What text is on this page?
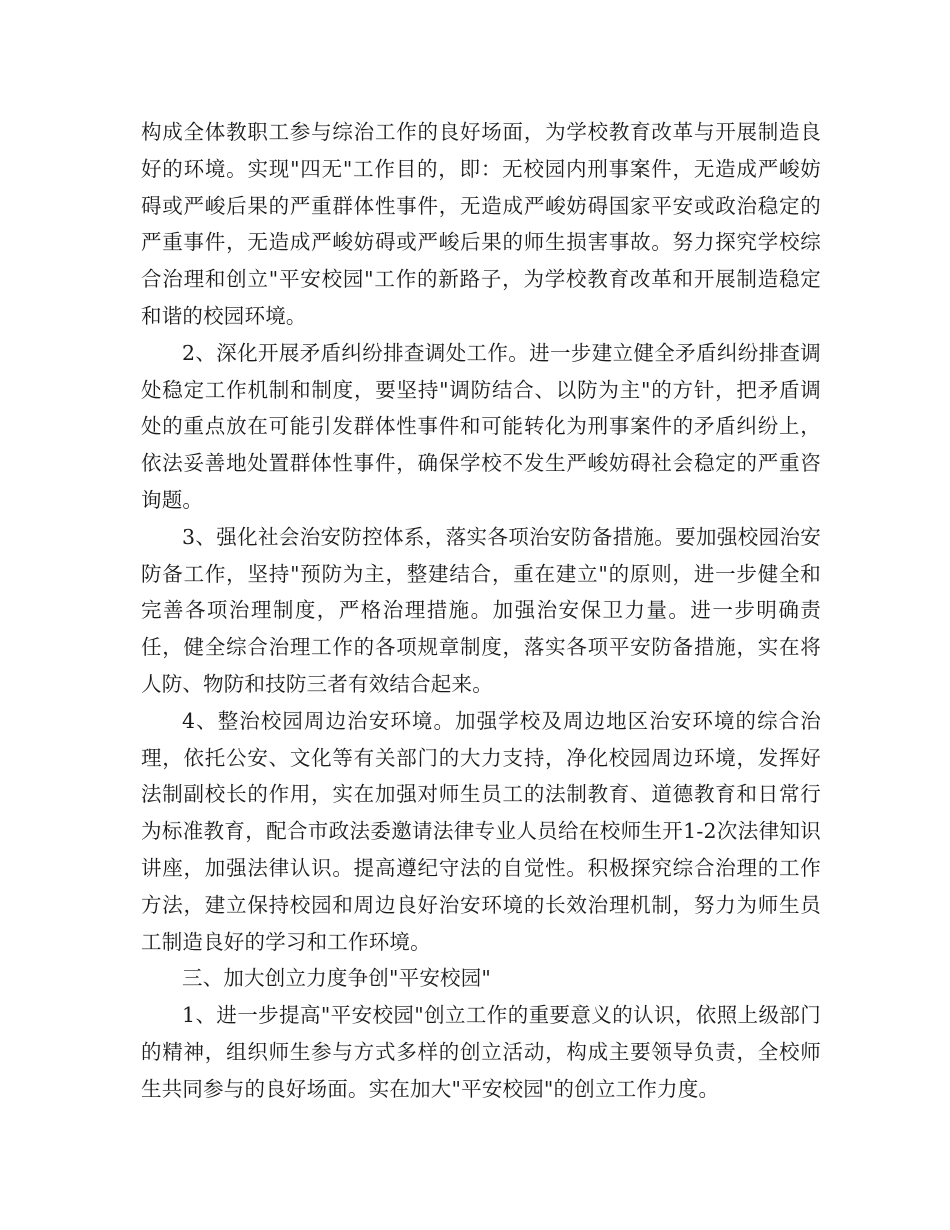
构成全体教职工参与综治工作的良好场面，为学校教育改革与开展制造良好的环境。实现"四无"工作目的，即：无校园内刑事案件，无造成严峻妨碍或严峻后果的严重群体性事件，无造成严峻妨碍国家平安或政治稳定的严重事件，无造成严峻妨碍或严峻后果的师生损害事故。努力探究学校综合治理和创立"平安校园"工作的新路子，为学校教育改革和开展制造稳定和谐的校园环境。

2、深化开展矛盾纠纷排查调处工作。进一步建立健全矛盾纠纷排查调处稳定工作机制和制度，要坚持"调防结合、以防为主"的方针，把矛盾调处的重点放在可能引发群体性事件和可能转化为刑事案件的矛盾纠纷上，依法妥善地处置群体性事件，确保学校不发生严峻妨碍社会稳定的严重咨询题。

3、强化社会治安防控体系，落实各项治安防备措施。要加强校园治安防备工作，坚持"预防为主，整建结合，重在建立"的原则，进一步健全和完善各项治理制度，严格治理措施。加强治安保卫力量。进一步明确责任，健全综合治理工作的各项规章制度，落实各项平安防备措施，实在将人防、物防和技防三者有效结合起来。

4、整治校园周边治安环境。加强学校及周边地区治安环境的综合治理，依托公安、文化等有关部门的大力支持，净化校园周边环境，发挥好法制副校长的作用，实在加强对师生员工的法制教育、道德教育和日常行为标准教育，配合市政法委邀请法律专业人员给在校师生开1-2次法律知识讲座，加强法律认识。提高遵纪守法的自觉性。积极探究综合治理的工作方法，建立保持校园和周边良好治安环境的长效治理机制，努力为师生员工制造良好的学习和工作环境。

三、加大创立力度争创"平安校园"

1、进一步提高"平安校园"创立工作的重要意义的认识，依照上级部门的精神，组织师生参与方式多样的创立活动，构成主要领导负责，全校师生共同参与的良好场面。实在加大"平安校园"的创立工作力度。
